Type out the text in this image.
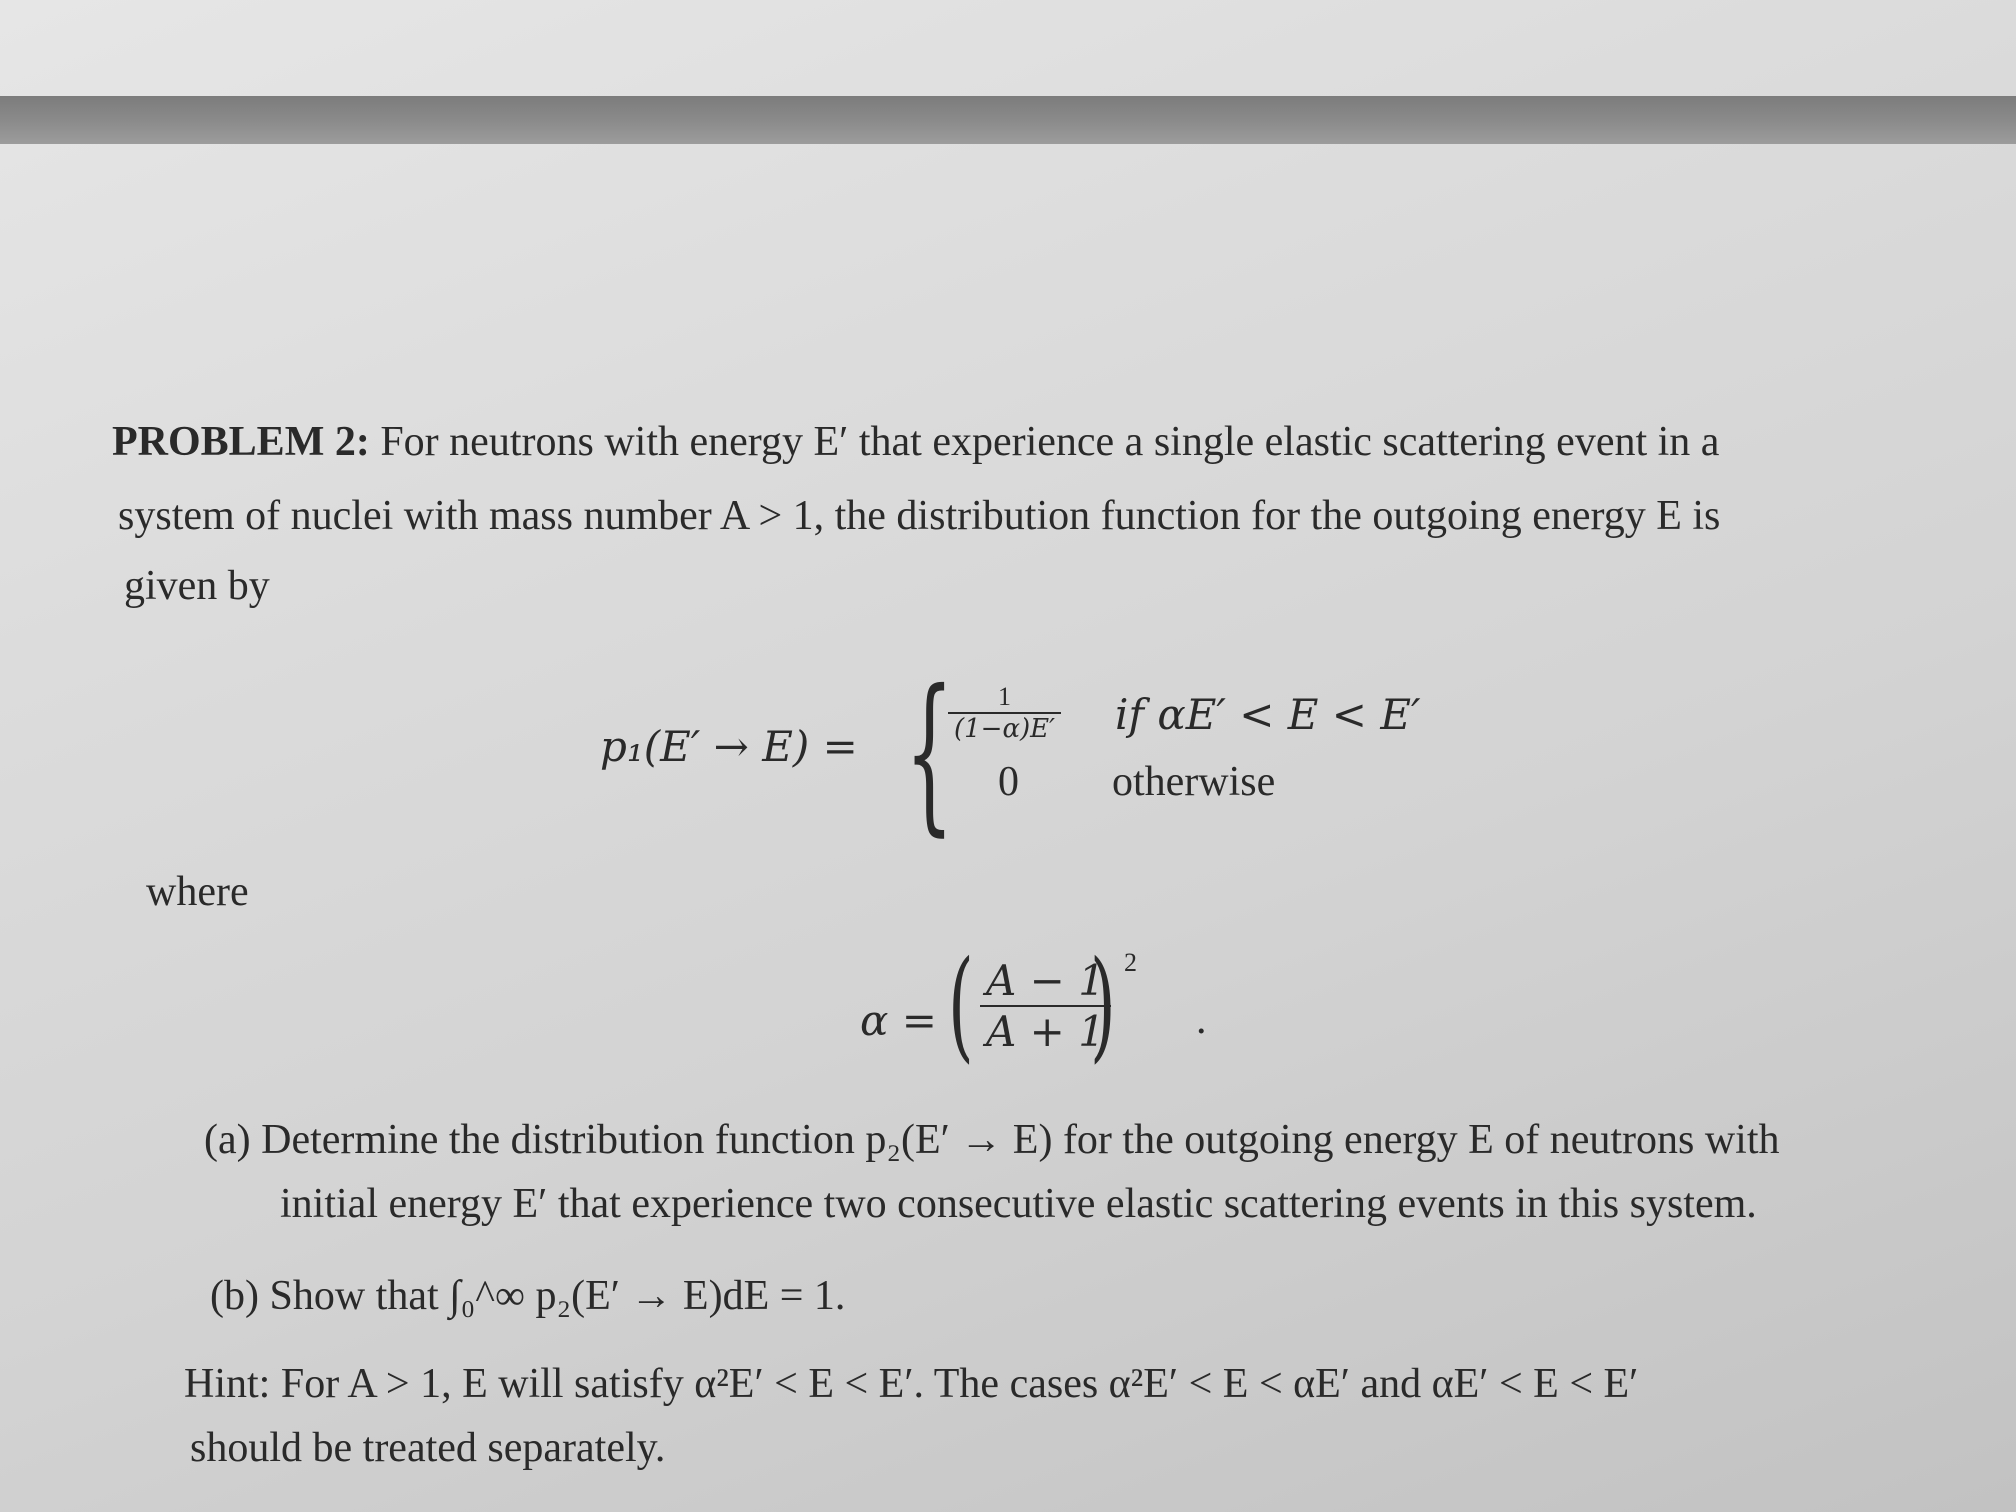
PROBLEM 2: For neutrons with energy E′ that experience a single elastic scattering event in a
system of nuclei with mass number A > 1, the distribution function for the outgoing energy E is
given by
p₁(E′ → E) = {
$\frac{1}{(1-\alpha)E'}$ if αE′ < E < E′
0 otherwise
where
α = ( $\frac{A - 1}{A + 1}$
) 2
.
(a) Determine the distribution function p₂(E′ → E) for the outgoing energy E of neutrons with
initial energy E′ that experience two consecutive elastic scattering events in this system.
(b) Show that ∫₀^∞ p₂(E′ → E)dE = 1.
Hint: For A > 1, E will satisfy α²E′ < E < E′. The cases α²E′ < E < αE′ and αE′ < E < E′
should be treated separately.
